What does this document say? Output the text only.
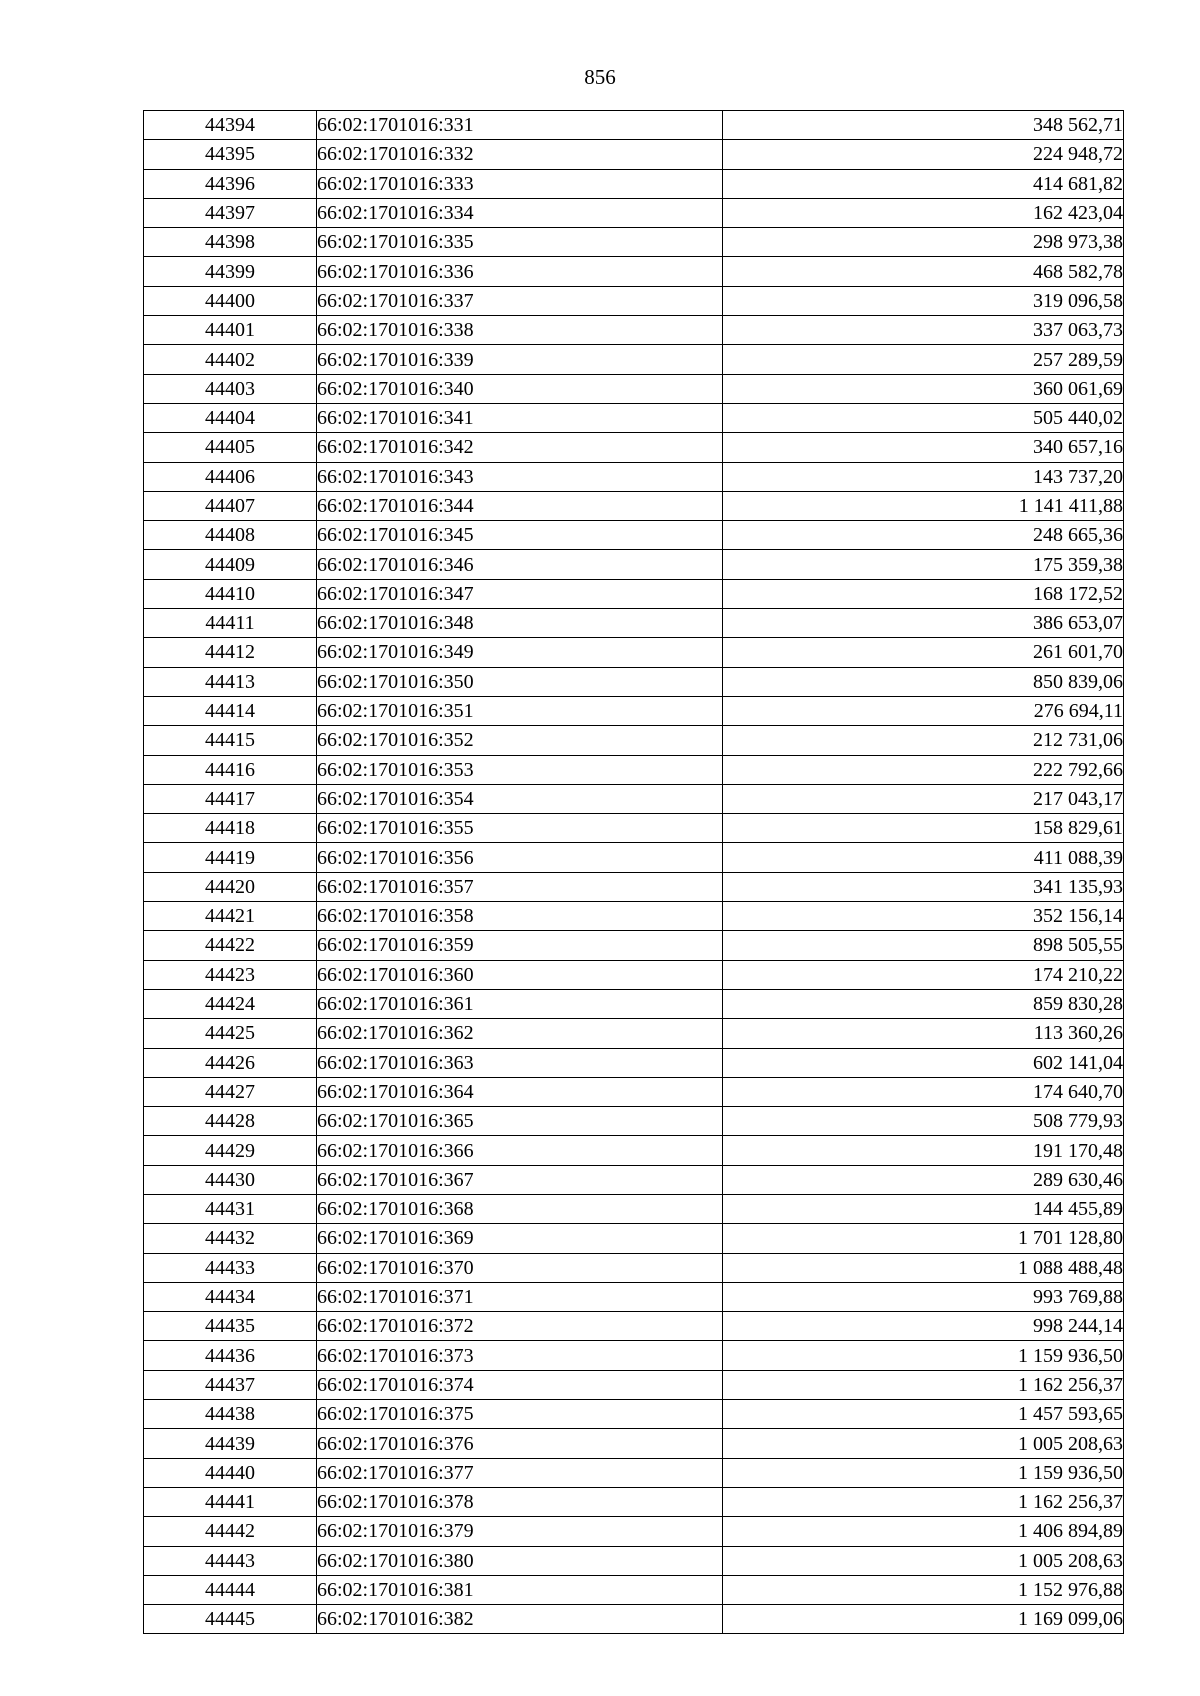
856
44394	66:02:1701016:331	348 562,71
44395	66:02:1701016:332	224 948,72
44396	66:02:1701016:333	414 681,82
44397	66:02:1701016:334	162 423,04
44398	66:02:1701016:335	298 973,38
44399	66:02:1701016:336	468 582,78
44400	66:02:1701016:337	319 096,58
44401	66:02:1701016:338	337 063,73
44402	66:02:1701016:339	257 289,59
44403	66:02:1701016:340	360 061,69
44404	66:02:1701016:341	505 440,02
44405	66:02:1701016:342	340 657,16
44406	66:02:1701016:343	143 737,20
44407	66:02:1701016:344	1 141 411,88
44408	66:02:1701016:345	248 665,36
44409	66:02:1701016:346	175 359,38
44410	66:02:1701016:347	168 172,52
44411	66:02:1701016:348	386 653,07
44412	66:02:1701016:349	261 601,70
44413	66:02:1701016:350	850 839,06
44414	66:02:1701016:351	276 694,11
44415	66:02:1701016:352	212 731,06
44416	66:02:1701016:353	222 792,66
44417	66:02:1701016:354	217 043,17
44418	66:02:1701016:355	158 829,61
44419	66:02:1701016:356	411 088,39
44420	66:02:1701016:357	341 135,93
44421	66:02:1701016:358	352 156,14
44422	66:02:1701016:359	898 505,55
44423	66:02:1701016:360	174 210,22
44424	66:02:1701016:361	859 830,28
44425	66:02:1701016:362	113 360,26
44426	66:02:1701016:363	602 141,04
44427	66:02:1701016:364	174 640,70
44428	66:02:1701016:365	508 779,93
44429	66:02:1701016:366	191 170,48
44430	66:02:1701016:367	289 630,46
44431	66:02:1701016:368	144 455,89
44432	66:02:1701016:369	1 701 128,80
44433	66:02:1701016:370	1 088 488,48
44434	66:02:1701016:371	993 769,88
44435	66:02:1701016:372	998 244,14
44436	66:02:1701016:373	1 159 936,50
44437	66:02:1701016:374	1 162 256,37
44438	66:02:1701016:375	1 457 593,65
44439	66:02:1701016:376	1 005 208,63
44440	66:02:1701016:377	1 159 936,50
44441	66:02:1701016:378	1 162 256,37
44442	66:02:1701016:379	1 406 894,89
44443	66:02:1701016:380	1 005 208,63
44444	66:02:1701016:381	1 152 976,88
44445	66:02:1701016:382	1 169 099,06
